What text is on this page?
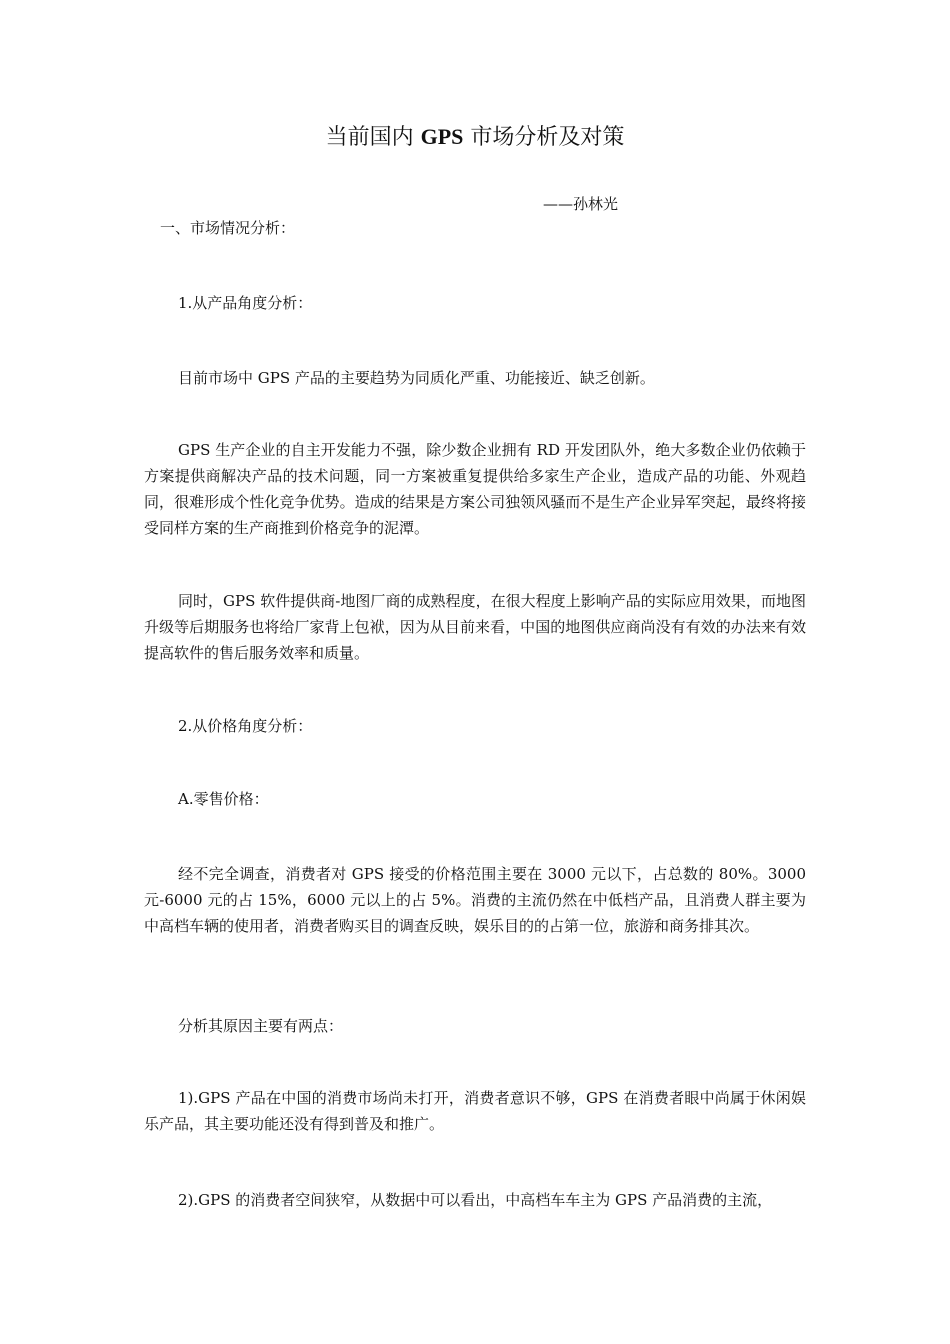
当前国内 GPS 市场分析及对策
——孙林光
一、市场情况分析：
1.从产品角度分析：
目前市场中 GPS 产品的主要趋势为同质化严重、功能接近、缺乏创新。
GPS 生产企业的自主开发能力不强，除少数企业拥有 RD 开发团队外，绝大多数企业仍依赖于方案提供商解决产品的技术问题，同一方案被重复提供给多家生产企业，造成产品的功能、外观趋同，很难形成个性化竞争优势。造成的结果是方案公司独领风骚而不是生产企业异军突起，最终将接受同样方案的生产商推到价格竞争的泥潭。
同时，GPS 软件提供商-地图厂商的成熟程度，在很大程度上影响产品的实际应用效果，而地图升级等后期服务也将给厂家背上包袱，因为从目前来看，中国的地图供应商尚没有有效的办法来有效提高软件的售后服务效率和质量。
2.从价格角度分析：
A.零售价格：
经不完全调查，消费者对 GPS 接受的价格范围主要在 3000 元以下，占总数的 80%。3000 元-6000 元的占 15%，6000 元以上的占 5%。消费的主流仍然在中低档产品，且消费人群主要为中高档车辆的使用者，消费者购买目的调查反映，娱乐目的的占第一位，旅游和商务排其次。
分析其原因主要有两点：
1).GPS 产品在中国的消费市场尚未打开，消费者意识不够，GPS 在消费者眼中尚属于休闲娱乐产品，其主要功能还没有得到普及和推广。
2).GPS 的消费者空间狭窄，从数据中可以看出，中高档车车主为 GPS 产品消费的主流，
